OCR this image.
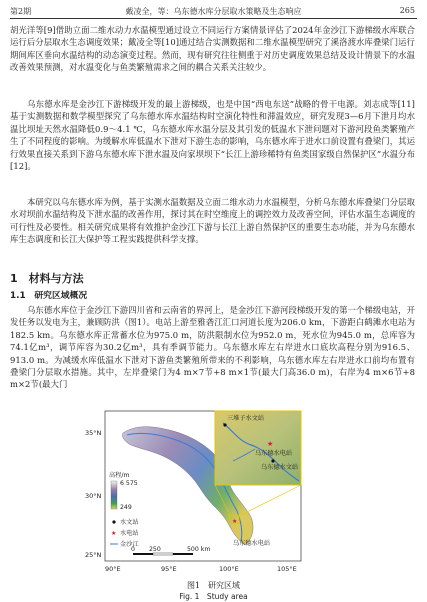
第2期	戴凌全，等：乌东德水库分层取水策略及生态响应	265
胡光洋等[9]借助立面二维水动力水温模型通过设立不同运行方案情景评估了2024年金沙江下游梯级水库联合运行后分层取水生态调度效果；戴凌全等[10]通过结合实测数据和二维水温模型研究了溪洛渡水库叠梁门运行期间库区垂向水温结构的动态演变过程。然而，现有研究往往侧重于对历史调度效果总结及设计情景下的水温改善效果预测，对水温变化与鱼类繁殖需求之间的耦合关系关注较少。
乌东德水库是金沙江下游梯级开发的最上游梯级，也是中国“西电东送”战略的骨干电源。刘志成等[11]基于实测数据和数学模型探究了乌东德水库水温结构时空演化特性和滞温效应，研究发现3—6月下泄月均水温比坝址天然水温降低0.9～4.1 ℃，乌东德水库水温分层及其引发的低温水下泄问题对下游河段鱼类繁殖产生了不同程度的影响。为缓解水库低温水下泄对下游生态的影响，乌东德水库于进水口前设置有叠梁门，其运行效果直接关系到下游乌东德水库下泄水温及向家坝坝下“长江上游珍稀特有鱼类国家级自然保护区”水温分布[12]。
本研究以乌东德水库为例，基于实测水温数据及立面二维水动力水温模型，分析乌东德水库叠梁门分层取水对坝前水温结构及下泄水温的改善作用，探讨其在时空维度上的调控效力及改善空间，评估水温生态调度的可行性及必要性。相关研究成果将有效推护金沙江下游与长江上游自然保护区的重要生态功能，并为乌东德水库生态调度和长江大保护等工程实践提供科学支撑。
1　材料与方法
1.1　研究区域概况
乌东德水库位于金沙江下游四川省和云南省的界河上，是金沙江下游河段梯级开发的第一个梯级电站，开发任务以发电为主，兼顾防洪（图1）。电站上游至雅砻江汇口河道长度为206.0 km，下游距白鹤滩水电站为182.5 km。乌东德水库正常蓄水位为975.0 m，防洪限制水位为952.0 m，死水位为945.0 m，总库容为74.1亿m³，调节库容为30.2亿m³，具有季调节能力。乌东德水库左右岸进水口底坎高程分别为916.5、913.0 m。为减缓水库低温水下泄对下游鱼类繁殖所带来的不利影响，乌东德水库左右岸进水口前均布置有叠梁门分层取水措施。其中，左岸叠梁门为4 m×7节+8 m×1节(最大门高36.0 m)，右岸为4 m×6节+8 m×2节(最大门
三堆子水文站
★
乌东德水电站
乌东德水文站
★
乌东德水电站
35°N
30°N
25°N
90°E	95°E	100°E	105°E
高程/m
6 575
249
水文站
★ 水电站
金沙江
0 250	500 km
图1　研究区域
Fig. 1　Study area
